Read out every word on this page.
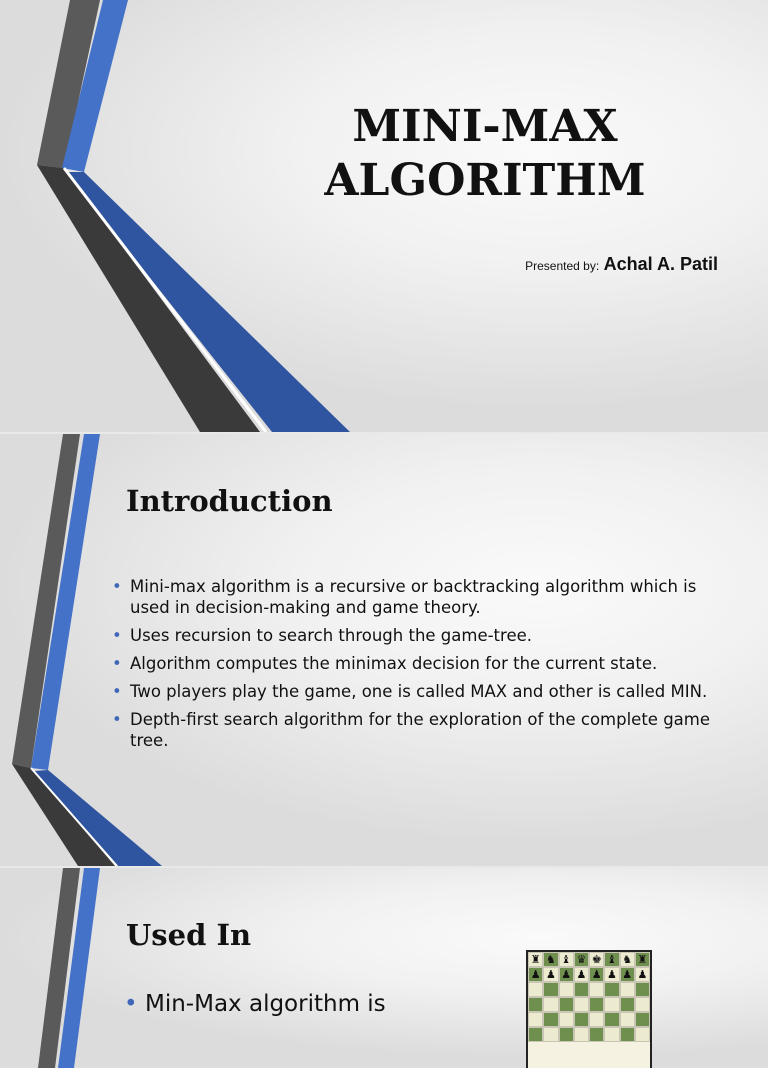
MINI-MAX
ALGORITHM
Presented by: Achal A. Patil
Introduction
• Mini-max algorithm is a recursive or backtracking algorithm which is used in decision-making and game theory.
• Uses recursion to search through the game-tree.
• Algorithm computes the minimax decision for the current state.
• Two players play the game, one is called MAX and other is called MIN.
• Depth-first search algorithm for the exploration of the complete game tree.
Used In
• Min-Max algorithm is
♜ ♞ ♝ ♛ ♚ ♝ ♞ ♜
♟ ♟ ♟ ♟ ♟ ♟ ♟ ♟
